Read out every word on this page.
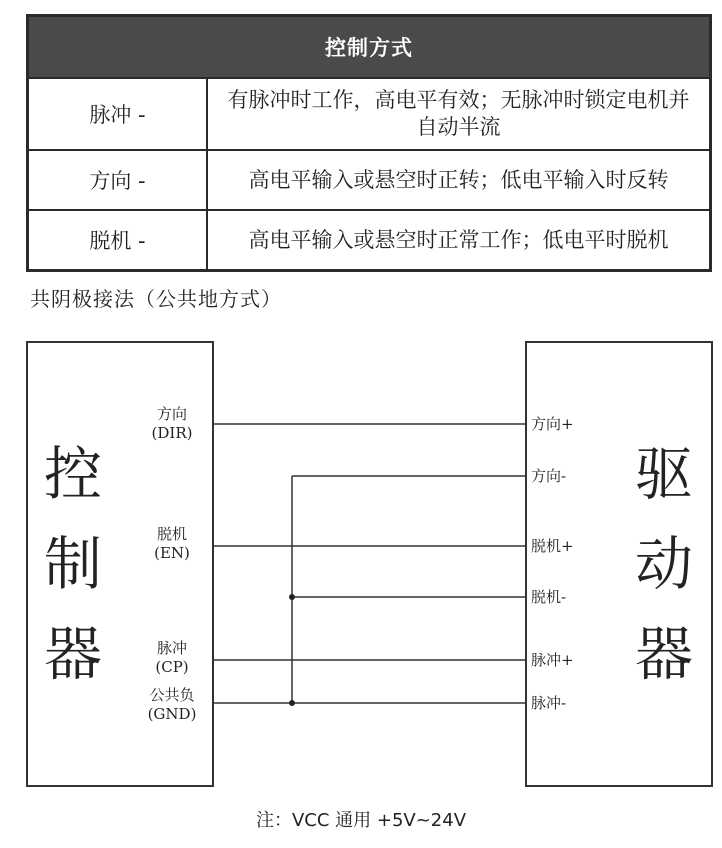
控制方式	
脉冲 -	有脉冲时工作，高电平有效；无脉冲时锁定电机并自动半流
方向 -	高电平输入或悬空时正转；低电平输入时反转
脱机 -	高电平输入或悬空时正常工作；低电平时脱机
共阴极接法（公共地方式）
控
制
器
驱
动
器
方向
(DIR)
脱机
(EN)
脉冲
(CP)
公共负
(GND)
方向+
方向-
脱机+
脱机-
脉冲+
脉冲-
注：VCC 通用 +5V~24V
